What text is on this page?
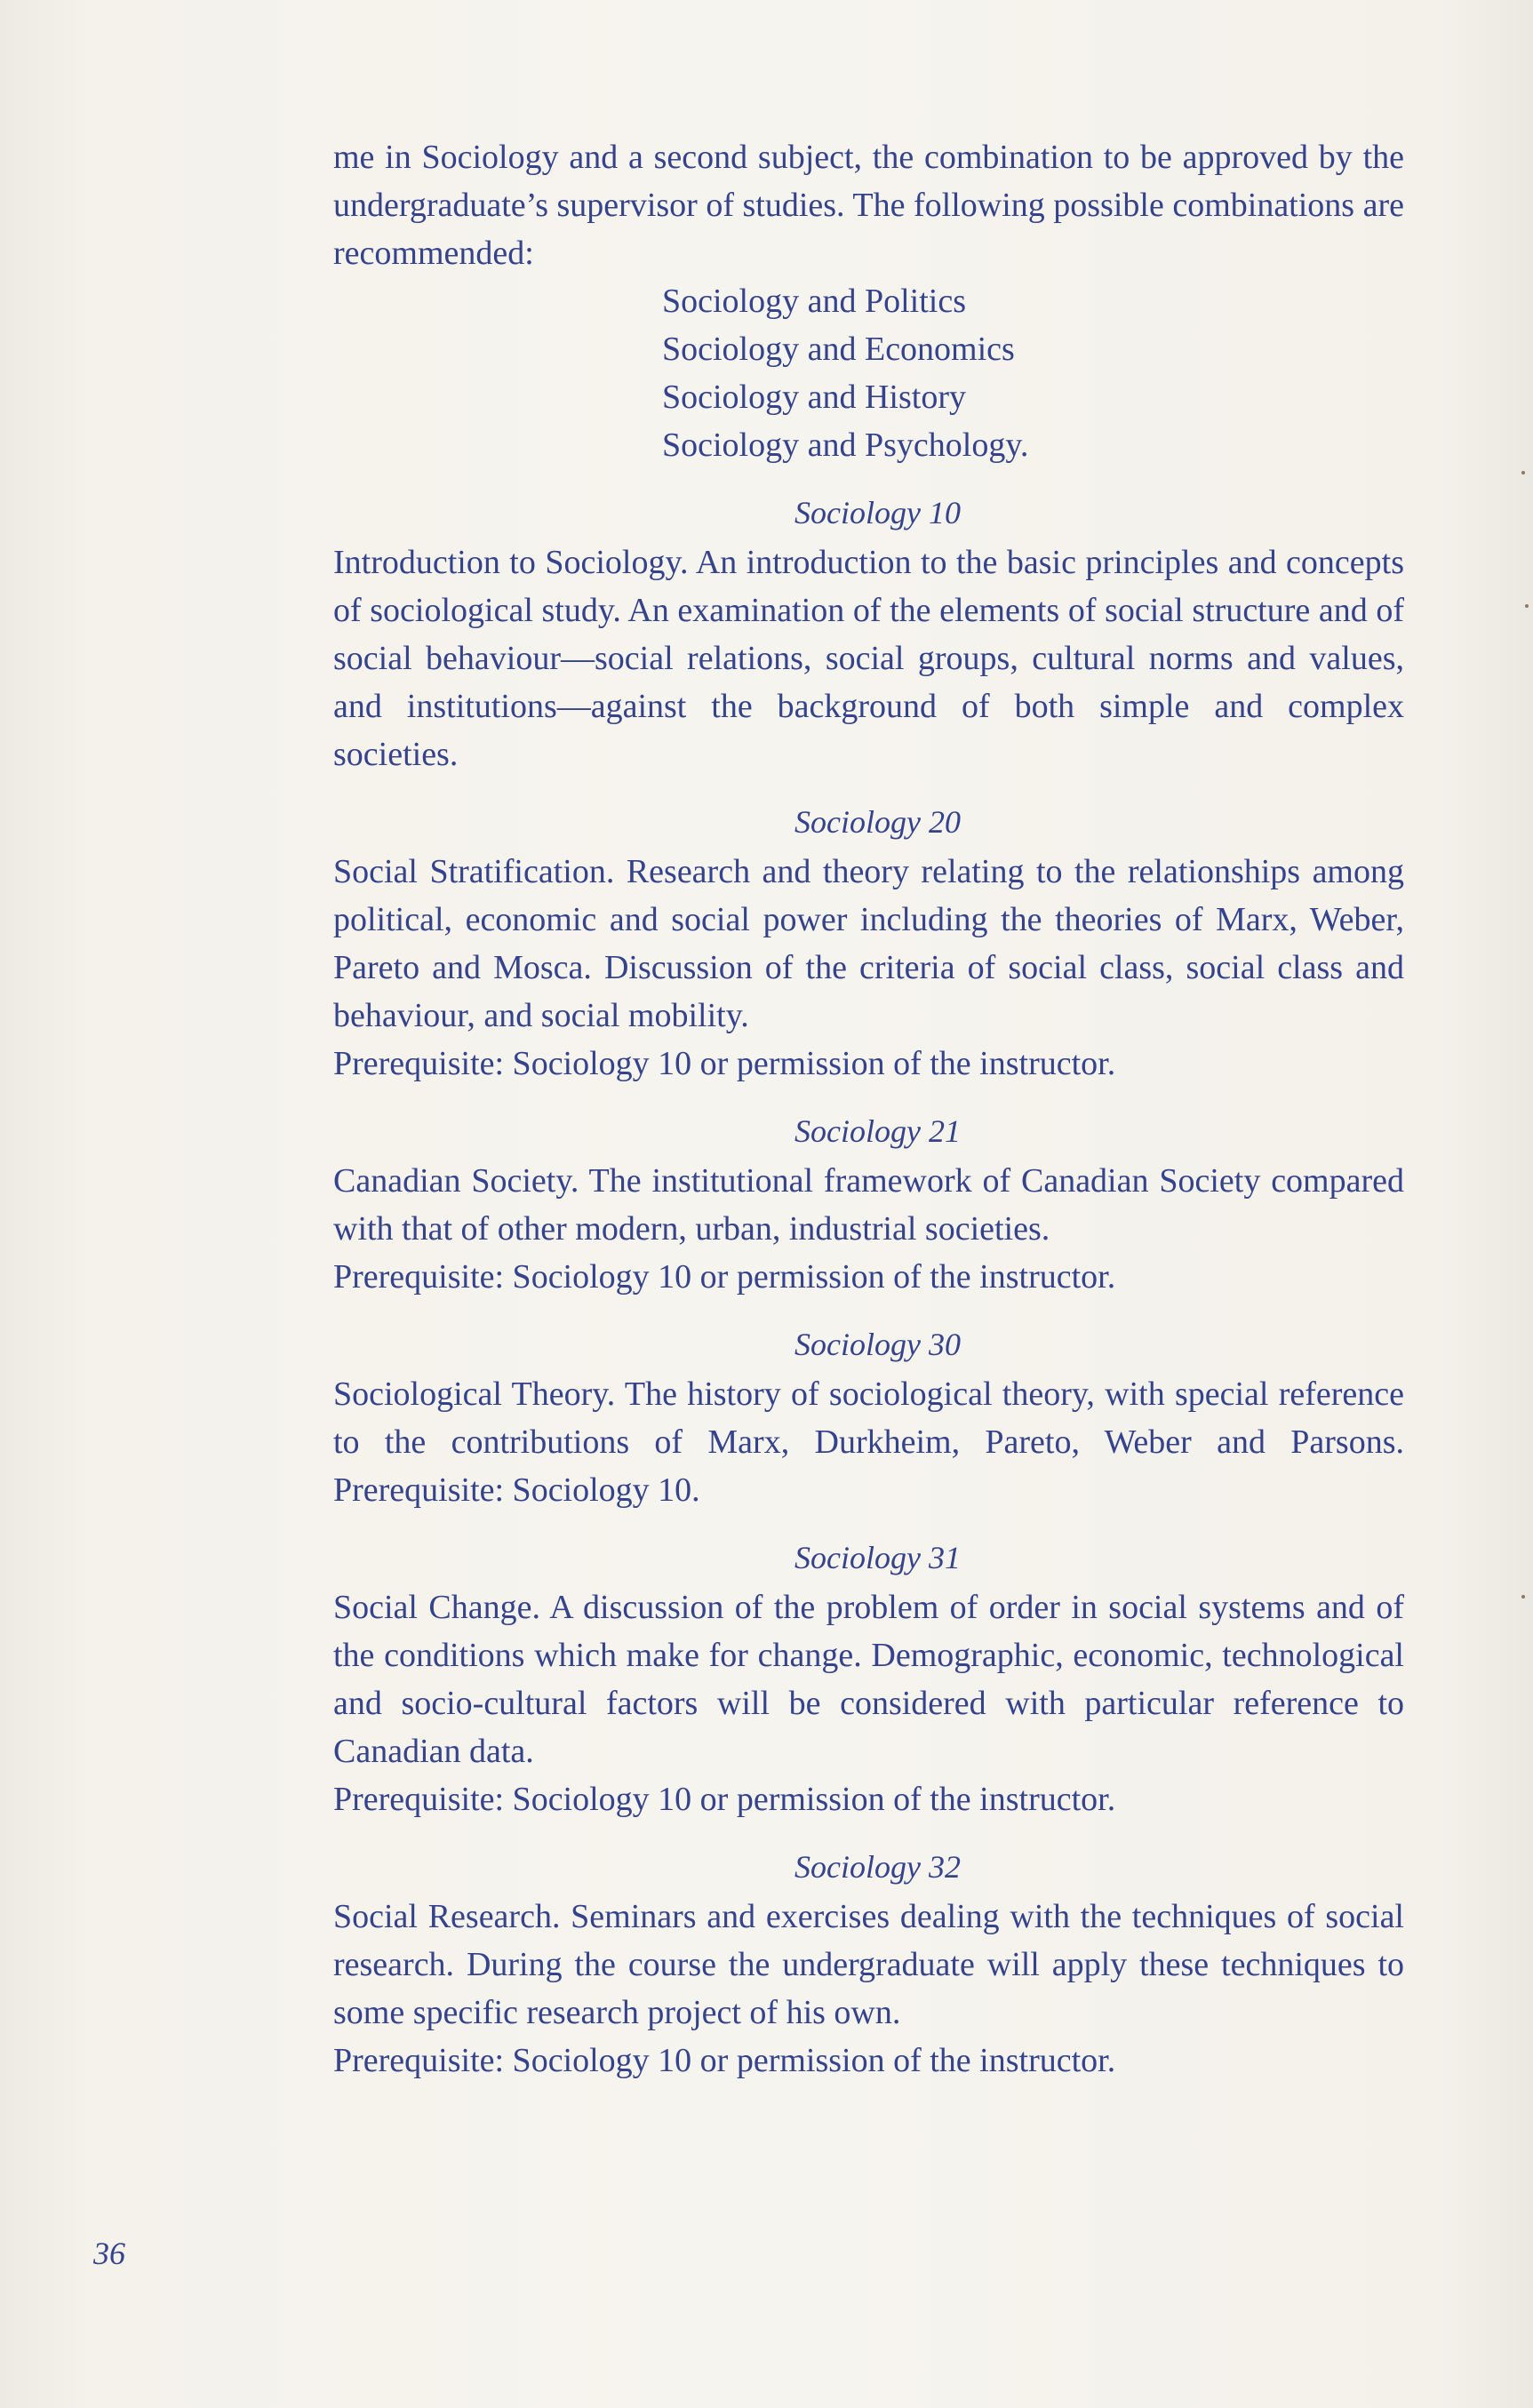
me in Sociology and a second subject, the combination to be approved by the undergraduate’s supervisor of studies. The following possible combinations are recommended:

Sociology and Politics
Sociology and Economics
Sociology and History
Sociology and Psychology.

Sociology 10

Introduction to Sociology. An introduction to the basic principles and concepts of sociological study. An examination of the elements of social structure and of social behaviour—social relations, social groups, cultural norms and values, and institutions—against the background of both simple and complex societies.

Sociology 20

Social Stratification. Research and theory relating to the relationships among political, economic and social power including the theories of Marx, Weber, Pareto and Mosca. Discussion of the criteria of social class, social class and behaviour, and social mobility.

Prerequisite: Sociology 10 or permission of the instructor.

Sociology 21

Canadian Society. The institutional framework of Canadian Society compared with that of other modern, urban, industrial societies.

Prerequisite: Sociology 10 or permission of the instructor.

Sociology 30

Sociological Theory. The history of sociological theory, with special reference to the contributions of Marx, Durkheim, Pareto, Weber and Parsons. Prerequisite: Sociology 10.

Sociology 31

Social Change. A discussion of the problem of order in social systems and of the conditions which make for change. Demographic, economic, technological and socio-cultural factors will be considered with particular reference to Canadian data.

Prerequisite: Sociology 10 or permission of the instructor.

Sociology 32

Social Research. Seminars and exercises dealing with the techniques of social research. During the course the undergraduate will apply these techniques to some specific research project of his own.

Prerequisite: Sociology 10 or permission of the instructor.

36
